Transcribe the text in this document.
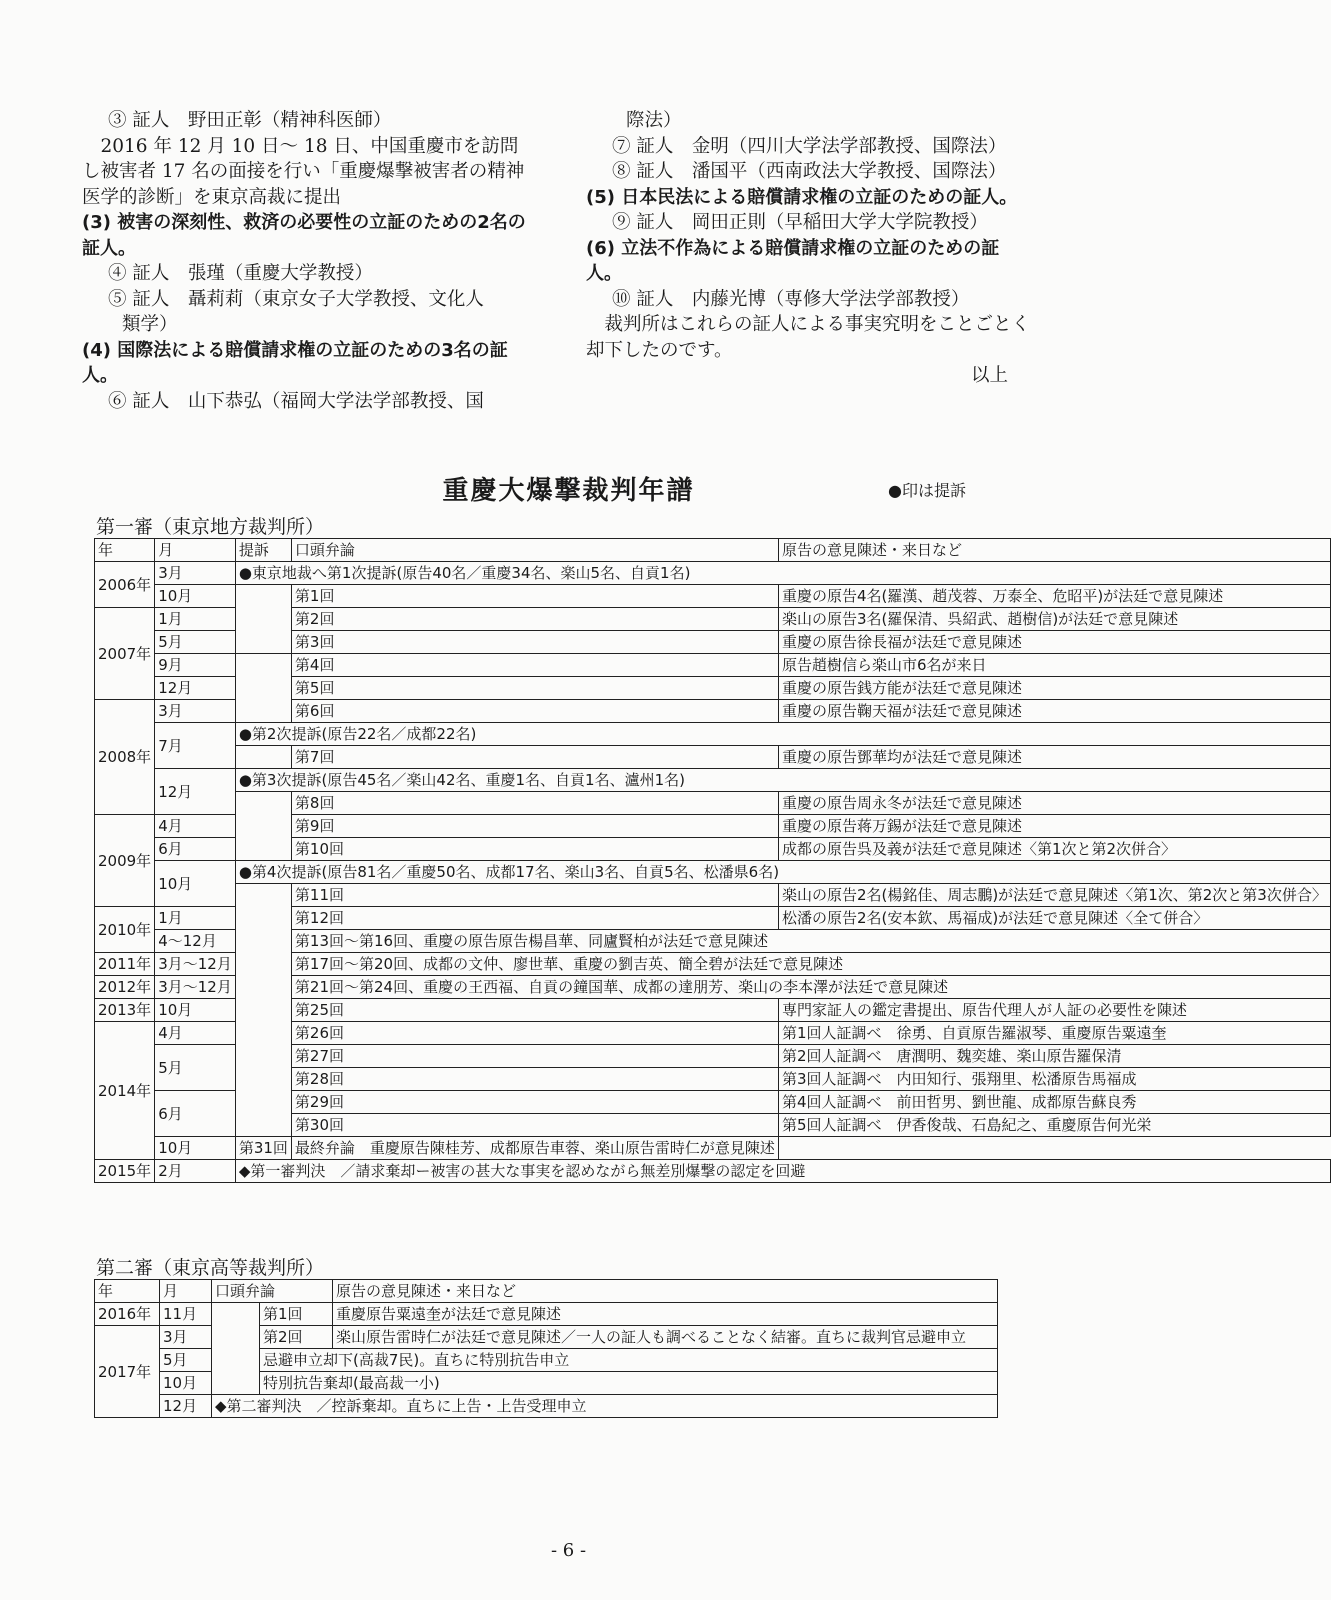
③ 証人　野田正彰（精神科医師）

2016 年 12 月 10 日～ 18 日、中国重慶市を訪問し被害者 17 名の面接を行い「重慶爆撃被害者の精神医学的診断」を東京高裁に提出

(3) 被害の深刻性、救済の必要性の立証のための2名の証人。

④ 証人　張瑾（重慶大学教授）

⑤ 証人　聶莉莉（東京女子大学教授、文化人

類学）

(4) 国際法による賠償請求権の立証のための3名の証人。

⑥ 証人　山下恭弘（福岡大学法学部教授、国

際法）

⑦ 証人　金明（四川大学法学部教授、国際法）

⑧ 証人　潘国平（西南政法大学教授、国際法）

(5) 日本民法による賠償請求権の立証のための証人。

⑨ 証人　岡田正則（早稲田大学大学院教授）

(6) 立法不作為による賠償請求権の立証のための証人。

⑩ 証人　内藤光博（専修大学法学部教授）

裁判所はこれらの証人による事実究明をことごとく却下したのです。

以上

重慶大爆撃裁判年譜	●印は提訴
第一審（東京地方裁判所）
年	月	提訴	口頭弁論	原告の意見陳述・来日など
2006年	3月	●東京地裁へ第1次提訴(原告40名／重慶34名、楽山5名、自貢1名)		
	10月		第1回	重慶の原告4名(羅漢、趙茂蓉、万泰全、危昭平)が法廷で意見陳述
2007年	1月		第2回	楽山の原告3名(羅保清、呉紹武、趙樹信)が法廷で意見陳述
	5月		第3回	重慶の原告徐長福が法廷で意見陳述
	9月		第4回	原告趙樹信ら楽山市6名が来日
	12月		第5回	重慶の原告銭方能が法廷で意見陳述
2008年	3月		第6回	重慶の原告鞠天福が法廷で意見陳述
	7月	●第2次提訴(原告22名／成都22名)		
			第7回	重慶の原告鄧華均が法廷で意見陳述
	12月	●第3次提訴(原告45名／楽山42名、重慶1名、自貢1名、瀘州1名)		
			第8回	重慶の原告周永冬が法廷で意見陳述
2009年	4月		第9回	重慶の原告蒋万錫が法廷で意見陳述
	6月		第10回	成都の原告呉及義が法廷で意見陳述〈第1次と第2次併合〉
	10月	●第4次提訴(原告81名／重慶50名、成都17名、楽山3名、自貢5名、松潘県6名)		
			第11回	楽山の原告2名(楊銘佳、周志鵬)が法廷で意見陳述〈第1次、第2次と第3次併合〉
2010年	1月		第12回	松潘の原告2名(安本欽、馬福成)が法廷で意見陳述〈全て併合〉
	4～12月		第13回～第16回、重慶の原告原告楊昌華、同廬賢柏が法廷で意見陳述	
2011年	3月～12月		第17回～第20回、成都の文仲、廖世華、重慶の劉吉英、簡全碧が法廷で意見陳述	
2012年	3月～12月		第21回～第24回、重慶の王西福、自貢の鐘国華、成都の達朋芳、楽山の李本澤が法廷で意見陳述	
2013年	10月		第25回	専門家証人の鑑定書提出、原告代理人が人証の必要性を陳述
2014年	4月		第26回	第1回人証調べ　徐勇、自貢原告羅淑琴、重慶原告粟遠奎
	5月		第27回	第2回人証調べ　唐潤明、魏奕雄、楽山原告羅保清
			第28回	第3回人証調べ　内田知行、張翔里、松潘原告馬福成
	6月		第29回	第4回人証調べ　前田哲男、劉世龍、成都原告蘇良秀
			第30回	第5回人証調べ　伊香俊哉、石島紀之、重慶原告何光栄
	10月	第31回	最終弁論　重慶原告陳桂芳、成都原告車蓉、楽山原告雷時仁が意見陳述	
2015年	2月	◆第一審判決　／請求棄却ー被害の甚大な事実を認めながら無差別爆撃の認定を回避		
第二審（東京高等裁判所）
年	月	口頭弁論		原告の意見陳述・来日など
2016年	11月		第1回	重慶原告粟遠奎が法廷で意見陳述
2017年	3月		第2回	楽山原告雷時仁が法廷で意見陳述／一人の証人も調べることなく結審。直ちに裁判官忌避申立
	5月		忌避申立却下(高裁7民)。直ちに特別抗告申立	
	10月		特別抗告棄却(最高裁一小)	
	12月	◆第二審判決　／控訴棄却。直ちに上告・上告受理申立		
- 6 -
